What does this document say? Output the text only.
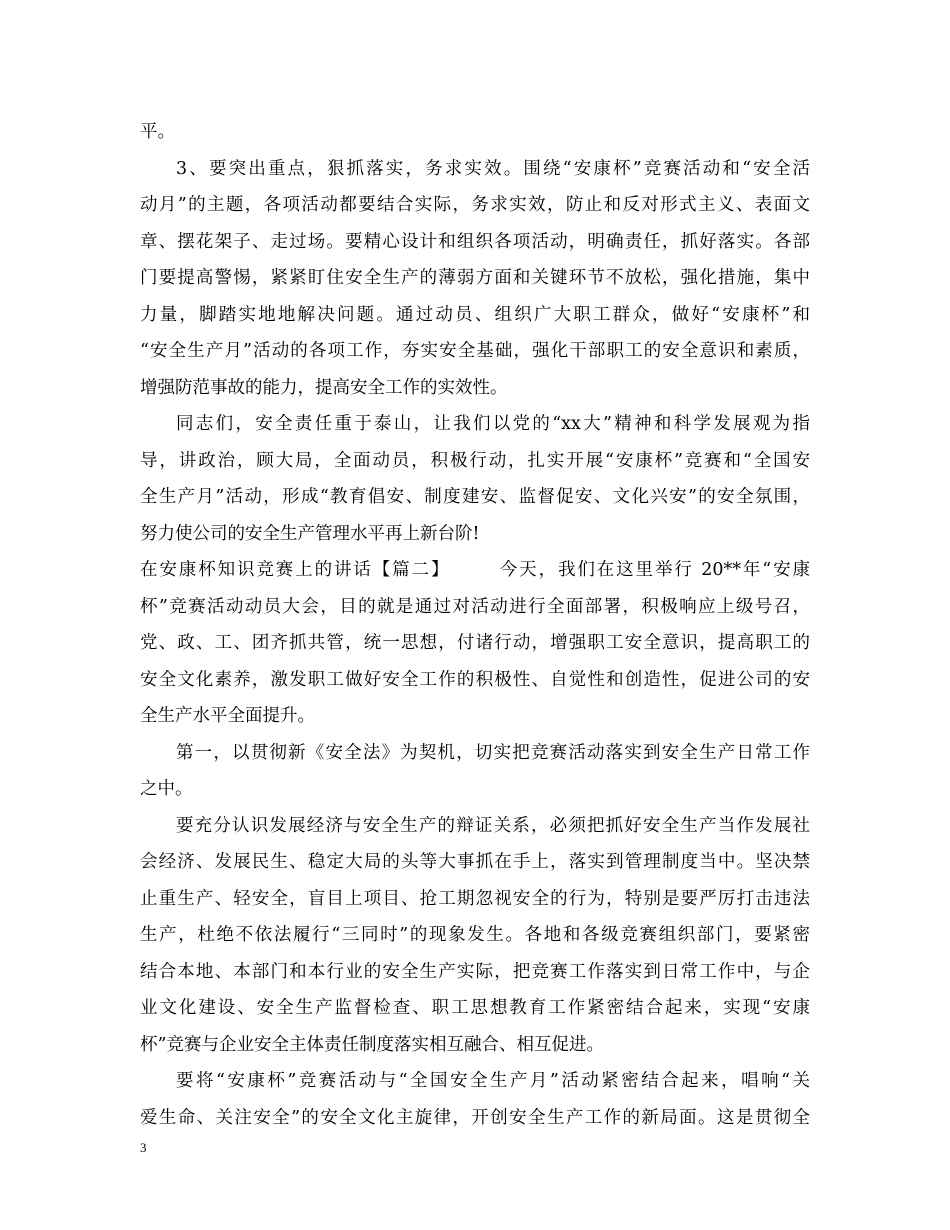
平。
3、要突出重点，狠抓落实，务求实效。围绕“安康杯”竞赛活动和“安全活
动月”的主题，各项活动都要结合实际，务求实效，防止和反对形式主义、表面文
章、摆花架子、走过场。要精心设计和组织各项活动，明确责任，抓好落实。各部
门要提高警惕，紧紧盯住安全生产的薄弱方面和关键环节不放松，强化措施，集中
力量，脚踏实地地解决问题。通过动员、组织广大职工群众，做好“安康杯”和
“安全生产月”活动的各项工作，夯实安全基础，强化干部职工的安全意识和素质，
增强防范事故的能力，提高安全工作的实效性。
同志们，安全责任重于泰山，让我们以党的“xx大”精神和科学发展观为指
导，讲政治，顾大局，全面动员，积极行动，扎实开展“安康杯”竞赛和“全国安
全生产月”活动，形成“教育倡安、制度建安、监督促安、文化兴安”的安全氛围，
努力使公司的安全生产管理水平再上新台阶!
在安康杯知识竞赛上的讲话【篇二】　　　今天，我们在这里举行 20**年“安康
杯”竞赛活动动员大会，目的就是通过对活动进行全面部署，积极响应上级号召，
党、政、工、团齐抓共管，统一思想，付诸行动，增强职工安全意识，提高职工的
安全文化素养，激发职工做好安全工作的积极性、自觉性和创造性，促进公司的安
全生产水平全面提升。
第一，以贯彻新《安全法》为契机，切实把竞赛活动落实到安全生产日常工作
之中。
要充分认识发展经济与安全生产的辩证关系，必须把抓好安全生产当作发展社
会经济、发展民生、稳定大局的头等大事抓在手上，落实到管理制度当中。坚决禁
止重生产、轻安全，盲目上项目、抢工期忽视安全的行为，特别是要严厉打击违法
生产，杜绝不依法履行“三同时”的现象发生。各地和各级竞赛组织部门，要紧密
结合本地、本部门和本行业的安全生产实际，把竞赛工作落实到日常工作中，与企
业文化建设、安全生产监督检查、职工思想教育工作紧密结合起来，实现“安康
杯”竞赛与企业安全主体责任制度落实相互融合、相互促进。
要将“安康杯”竞赛活动与“全国安全生产月”活动紧密结合起来，唱响“关
爱生命、关注安全”的安全文化主旋律，开创安全生产工作的新局面。这是贯彻全
3
